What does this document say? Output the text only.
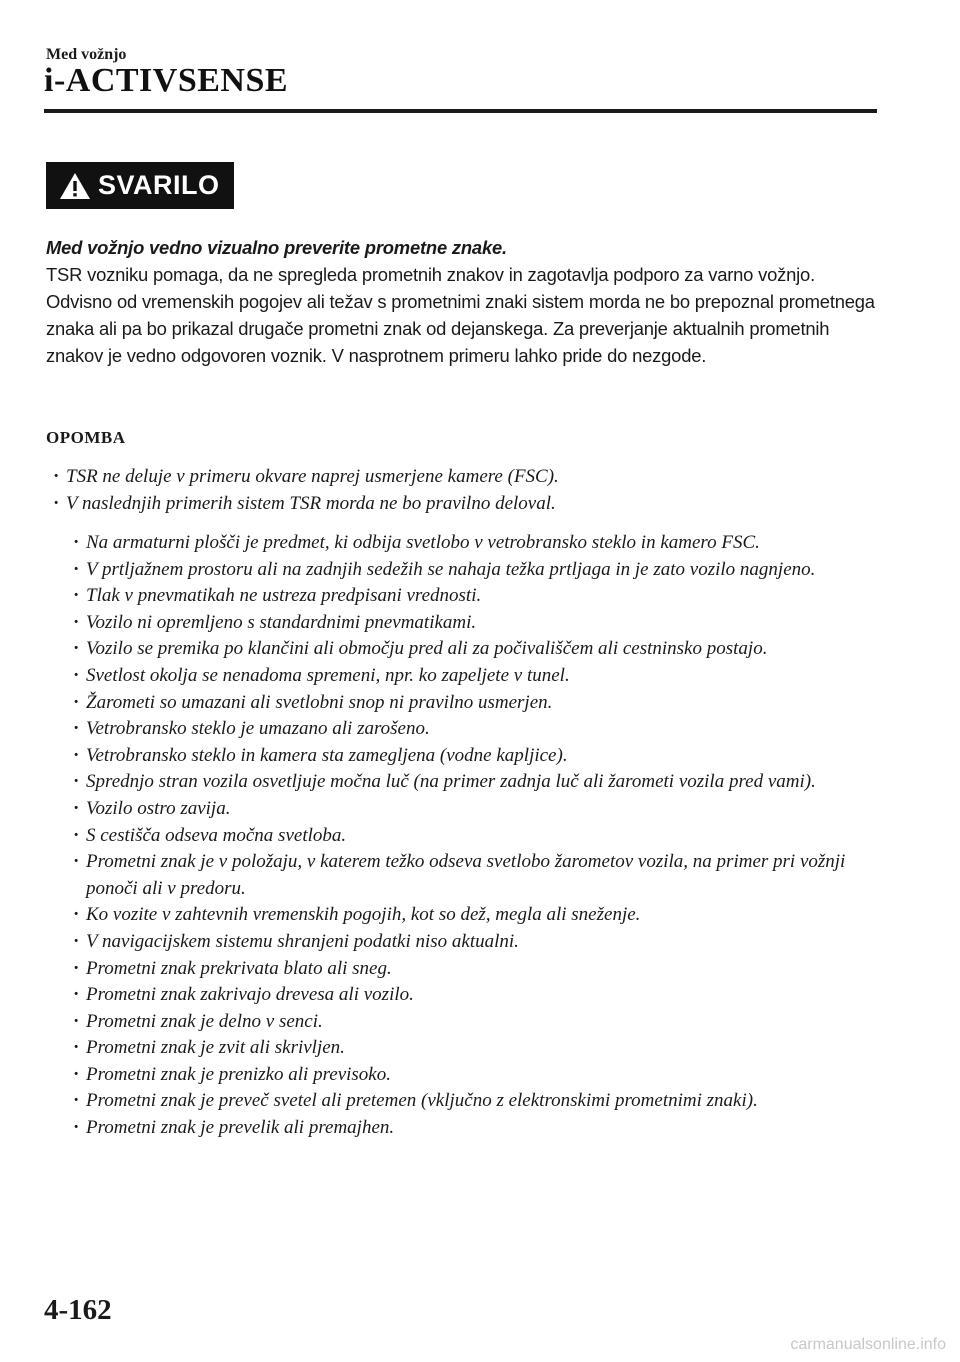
Med vožnjo
i-ACTIVSENSE
SVARILO
Med vožnjo vedno vizualno preverite prometne znake.
TSR vozniku pomaga, da ne spregleda prometnih znakov in zagotavlja podporo za varno vožnjo. Odvisno od vremenskih pogojev ali težav s prometnimi znaki sistem morda ne bo prepoznal prometnega znaka ali pa bo prikazal drugače prometni znak od dejanskega. Za preverjanje aktualnih prometnih znakov je vedno odgovoren voznik. V nasprotnem primeru lahko pride do nezgode.
OPOMBA
· TSR ne deluje v primeru okvare naprej usmerjene kamere (FSC).
· V naslednjih primerih sistem TSR morda ne bo pravilno deloval.
· Na armaturni plošči je predmet, ki odbija svetlobo v vetrobransko steklo in kamero FSC.
· V prtljažnem prostoru ali na zadnjih sedežih se nahaja težka prtljaga in je zato vozilo nagnjeno.
· Tlak v pnevmatikah ne ustreza predpisani vrednosti.
· Vozilo ni opremljeno s standardnimi pnevmatikami.
· Vozilo se premika po klančini ali območju pred ali za počivališčem ali cestninsko postajo.
· Svetlost okolja se nenadoma spremeni, npr. ko zapeljete v tunel.
· Žarometi so umazani ali svetlobni snop ni pravilno usmerjen.
· Vetrobransko steklo je umazano ali zarošeno.
· Vetrobransko steklo in kamera sta zamegljena (vodne kapljice).
· Sprednjo stran vozila osvetljuje močna luč (na primer zadnja luč ali žarometi vozila pred vami).
· Vozilo ostro zavija.
· S cestišča odseva močna svetloba.
· Prometni znak je v položaju, v katerem težko odseva svetlobo žarometov vozila, na primer pri vožnji ponoči ali v predoru.
· Ko vozite v zahtevnih vremenskih pogojih, kot so dež, megla ali sneženje.
· V navigacijskem sistemu shranjeni podatki niso aktualni.
· Prometni znak prekrivata blato ali sneg.
· Prometni znak zakrivajo drevesa ali vozilo.
· Prometni znak je delno v senci.
· Prometni znak je zvit ali skrivljen.
· Prometni znak je prenizko ali previsoko.
· Prometni znak je preveč svetel ali pretemen (vključno z elektronskimi prometnimi znaki).
· Prometni znak je prevelik ali premajhen.
4-162
carmanualsonline.info
